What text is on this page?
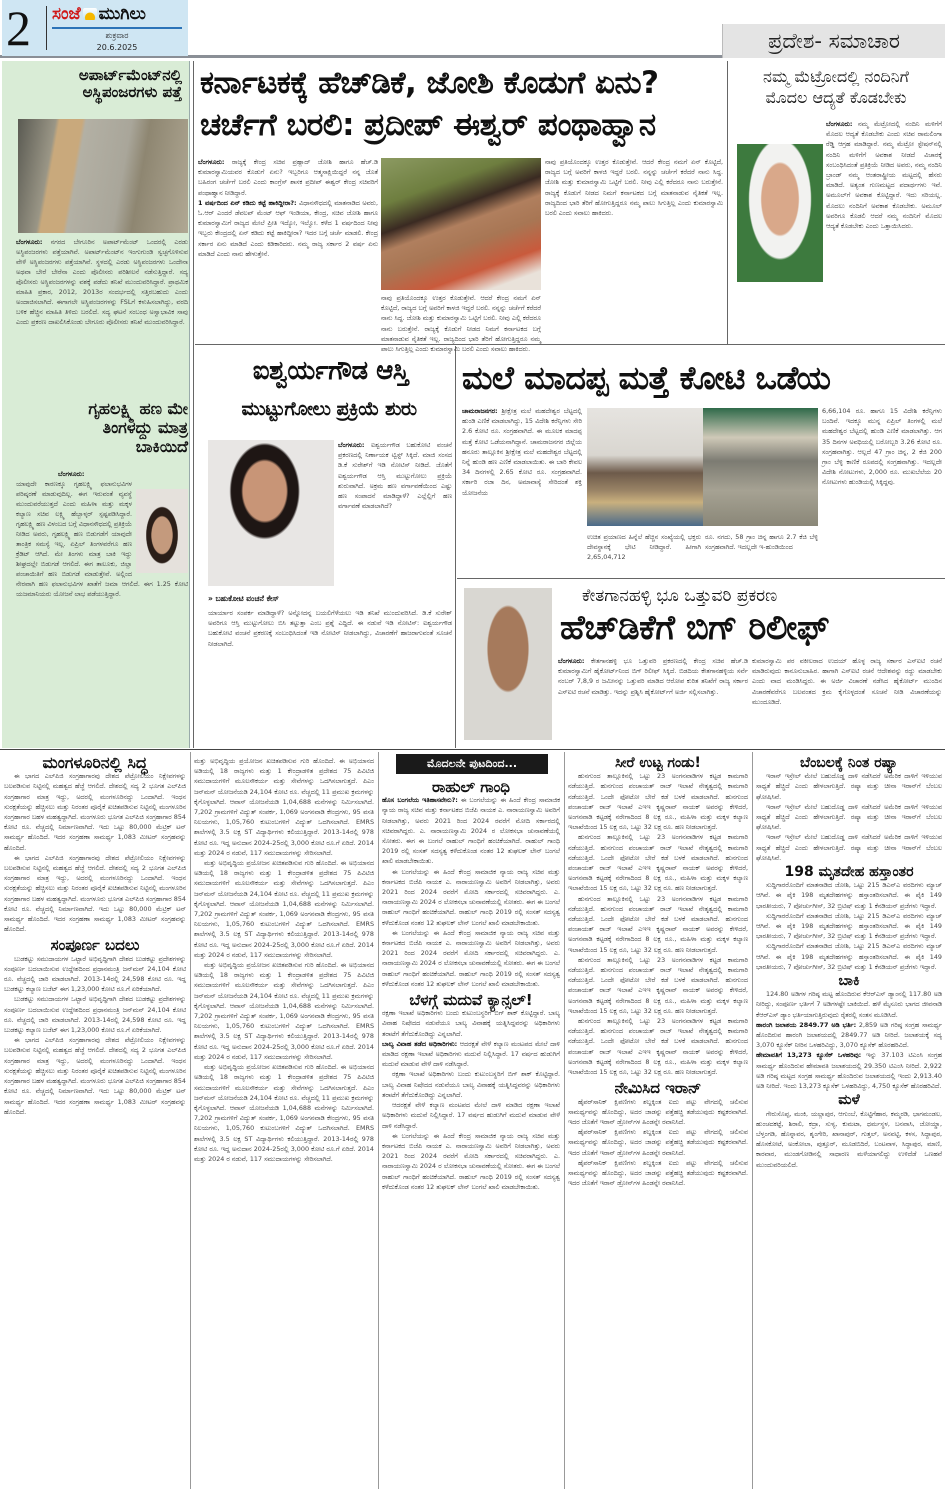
2 ಸಂಜೆ ಮುಗಿಲು
ಶುಕ್ರವಾರ
20.6.2025	ಪ್ರದೇಶ- ಸಮಾಚಾರ
ಅಪಾರ್ಟ್‌ಮೆಂಟ್‌ನಲ್ಲಿ
ಅಸ್ಥಿಪಂಜರಗಳು ಪತ್ತೆ
ಬೆಂಗಳೂರು: ನಗರದ ಬೇಗೂರಿನ ಅಪಾರ್ಟ್‌ಮೆಂಟ್ ಒಂದರಲ್ಲಿ ಎರಡು ಅಸ್ಥಿಪಂಜರಗಳು ಪತ್ತೆಯಾಗಿವೆ. ಅಪಾರ್ಟ್‌ಮೆಂಟ್‌ನ ಇಂಗುಗುಂಡಿ ಸ್ವಚ್ಛಗೊಳಿಸುವ ವೇಳೆ ಅಸ್ಥಿಪಂಜರಗಳು ಪತ್ತೆಯಾಗಿವೆ. ಸ್ಥಳದಲ್ಲಿ ಎರಡು ಅಸ್ಥಿಪಂಜರಗಳು ಒಂದೇನಾ ಅಥವಾ ಬೇರೆ ಬೇರೆನಾ ಎಂದು ಪೊಲೀಸರು ಪರಿಶೀಲನೆ ನಡೆಸುತ್ತಿದ್ದಾರೆ. ಸದ್ಯ ಪೊಲೀಸರು ಅಸ್ಥಿಪಂಜರಗಳನ್ನು ವಶಕ್ಕೆ ಪಡೆದು ತನಿಖೆ ಮುಂದುವರಿಸಿದ್ದಾರೆ. ಪ್ರಾಥಮಿಕ ಮಾಹಿತಿ ಪ್ರಕಾರ, 2012, 2013ರ ಸಂದರ್ಭದಲ್ಲಿ ಸತ್ತಿರಬಹುದು ಎಂದು ಅಂದಾಜಿಸಲಾಗಿದೆ. ಈಗಾಗಲೇ ಅಸ್ಥಿಪಂಜರಗಳನ್ನು FSLಗೆ ಕಳುಹಿಸಲಾಗಿದ್ದು, ವರದಿ ಬಳಿಕ ಹೆಚ್ಚಿನ ಮಾಹಿತಿ ತಿಳಿದು ಬರಲಿದೆ. ಸದ್ಯ ಘಟನೆ ಸಂಬಂಧ ಅಸ್ವಾಭಾವಿಕ ಸಾವು ಎಂದು ಪ್ರಕರಣ ದಾಖಲಿಸಿಕೊಂಡು ಬೇಗೂರು ಪೊಲೀಸರು ತನಿಖೆ ಮುಂದುವರಿಸಿದ್ದಾರೆ.
ಗೃಹಲಕ್ಷ್ಮಿ ಹಣ ಮೇ
ತಿಂಗಳದ್ದು ಮಾತ್ರ
ಬಾಕಿಯಿದೆ
ಬೆಂಗಳೂರು:
ಯಾವುದೇ ಕಾರಣಕ್ಕೂ ಗೃಹಲಕ್ಷ್ಮಿ ಫಲಾನುಭವಿಗಳ ಪರಿಷ್ಕರಣೆ ಮಾಡುವುದಿಲ್ಲ. ಈಗ ಇರುವಂತೆ ವ್ಯವಸ್ಥೆ ಮುಂದುವರೆಯುತ್ತದೆ ಎಂದು ಮಹಿಳಾ ಮತ್ತು ಮಕ್ಕಳ ಕಲ್ಯಾಣ ಸಚಿವ ಲಕ್ಷ್ಮಿ ಹೆಬ್ಬಾಳ್ಕರ್ ಸ್ಪಷ್ಟಪಡಿಸಿದ್ದಾರೆ. ಗೃಹಲಕ್ಷ್ಮಿ ಹಣ ವಿಳಂಬದ ಬಗ್ಗೆ ವಿಧಾನಸೌಧದಲ್ಲಿ ಪ್ರತಿಕ್ರಿಯೆ ನೀಡಿದ ಅವರು, ಗೃಹಲಕ್ಷ್ಮಿ ಹಣ ಬಿಡುಗಡೆಗೆ ಯಾವುದೇ ತಾಂತ್ರಿಕ ಸಮಸ್ಯೆ ಇಲ್ಲ. ಏಪ್ರಿಲ್ ತಿಂಗಳವರೆಗೂ ಹಣ ಕ್ರೆಡಿಟ್ ಆಗಿದೆ. ಮೇ ತಿಂಗಳು ಮಾತ್ರ ಬಾಕಿ ಇದ್ದು ಶೀಘ್ರದಲ್ಲೇ ಬಿಡುಗಡೆ ಆಗಲಿದೆ. ಈಗ ತಾಲೂಕು, ಜಿಲ್ಲಾ ಪಂಚಾಯಿತಿಗೆ ಹಣ ಬಿಡುಗಡೆ ಮಾಡುತ್ತೇವೆ. ಅಲ್ಲಿಂದ ನೇರವಾಗಿ ಹಣ ಫಲಾನುಭವಿಗಳ ಖಾತೆಗೆ ಜಮಾ ಆಗಲಿದೆ. ಈಗ 1.25 ಕೋಟಿ ಯಜಮಾನಿಯರು ಯೋಜನೆ ಲಾಭ ಪಡೆಯುತ್ತಿದ್ದಾರೆ.
ಕರ್ನಾಟಕಕ್ಕೆ ಹೆಚ್‌ಡಿಕೆ, ಜೋಶಿ ಕೊಡುಗೆ ಏನು?
ಚರ್ಚೆಗೆ ಬರಲಿ: ಪ್ರದೀಪ್ ಈಶ್ವರ್ ಪಂಥಾಹ್ವಾನ

ಬೆಂಗಳೂರು: ರಾಜ್ಯಕ್ಕೆ ಕೇಂದ್ರ ಸಚಿವ ಪ್ರಹ್ಲಾದ್ ಜೋಶಿ ಹಾಗೂ ಹೆಚ್.ಡಿ ಕುಮಾರಸ್ವಾಮಿಯವರ ಕೊಡುಗೆ ಏನು? ಇಬ್ಬರಿಗೂ ಆತ್ಮಸಾಕ್ಷಿಯಿದ್ದರೆ ನನ್ನ ಜೊತೆ ಬಹಿರಂಗ ಚರ್ಚೆಗೆ ಬರಲಿ ಎಂದು ಕಾಂಗ್ರೆಸ್ ಶಾಸಕ ಪ್ರದೀಪ್ ಈಶ್ವರ್ ಕೇಂದ್ರ ಸಚಿವರಿಗೆ ಪಂಥಾಹ್ವಾನ ನೀಡಿದ್ದಾರೆ.

1 ವರ್ಷದಿಂದ ಏನ್ ಕಡಿದು ಕಟ್ಟೆ ಹಾಕಿದ್ದೀರಾ?: ವಿಧಾನಸೌಧದಲ್ಲಿ ಮಾತನಾಡಿದ ಅವರು, ಓ.ಆರ್ ಎಂದರೆ ಡೆವಲಪ್ ಮೆಂಟ್ ಆಫ್ ಇಂಡಿಯಾ, ಕೇಂದ್ರ, ಸಚಿವ ಜೋಶಿ ಹಾಗೂ ಕುಮಾರಸ್ವಾಮಿಗೆ ರಾಜ್ಯದ ಮೇಲೆ ಪ್ರೀತಿ ಇದ್ಯೋ, ಇಲ್ವೋ. ಕಳೆದ 1 ವರ್ಷದಿಂದ ನೀವು ಇಬ್ಬರು ಕೇಂದ್ರದಲ್ಲಿ ಏನ್ ಕಡಿದು ಕಟ್ಟೆ ಹಾಕಿದ್ದೀರಾ? ಇದರ ಬಗ್ಗೆ ಚರ್ಚೆ ಮಾಡಲಿ. ಕೇಂದ್ರ ಸರ್ಕಾರ ಏನು ಮಾಡಿದೆ ಎಂದು ಕಿಡಿಕಾರಿದರು. ನಮ್ಮ ರಾಜ್ಯ ಸರ್ಕಾರ 2 ವರ್ಷ ಏನು ಮಾಡಿದೆ ಎಂದು ನಾನು ಹೇಳುತ್ತೇನೆ.

ನಾವು ಪ್ರತಿಯೊಂದಕ್ಕೂ ಉತ್ತರ ಕೊಡುತ್ತೇವೆ. ಆದರೆ ಕೇಂದ್ರ ನಮಗೆ ಏನ್ ಕೊಟ್ಟಿದೆ, ರಾಜ್ಯದ ಬಗ್ಗೆ ಅವರಿಗೆ ಕಾಳಜಿ ಇದ್ದರೆ ಬರಲಿ. ನನ್ನನ್ನು ಚರ್ಚೆಗೆ ಕರೆದರೆ ನಾನು ಸಿದ್ಧ. ಜೋಶಿ ಮತ್ತು ಕುಮಾರಸ್ವಾಮಿ ಒಟ್ಟಿಗೆ ಬರಲಿ. ನೀವು ಎಲ್ಲಿ ಕರೆದರೂ ನಾನು ಬರುತ್ತೇನೆ. ರಾಜ್ಯಕ್ಕೆ ಕೊಡುಗೆ ನೀಡದ ನಿಮಗೆ ಕರ್ನಾಟಕದ ಬಗ್ಗೆ ಮಾತನಾಡುವ ನೈತಿಕತೆ ಇಲ್ಲ. ರಾಜ್ಯದಿಂದ ಭಾರಿ ತೆರಿಗೆ ಹೋಗುತ್ತಿದ್ದರೂ ನಮ್ಮ ಪಾಲು ಸಿಗುತ್ತಿಲ್ಲ ಎಂದು ಕುಮಾರಸ್ವಾಮಿ ಬರಲಿ ಎಂದು ಸವಾಲು ಹಾಕಿದರು.

ನಾವು ಪ್ರತಿಯೊಂದಕ್ಕೂ ಉತ್ತರ ಕೊಡುತ್ತೇವೆ. ಆದರೆ ಕೇಂದ್ರ ನಮಗೆ ಏನ್ ಕೊಟ್ಟಿದೆ, ರಾಜ್ಯದ ಬಗ್ಗೆ ಅವರಿಗೆ ಕಾಳಜಿ ಇದ್ದರೆ ಬರಲಿ. ನನ್ನನ್ನು ಚರ್ಚೆಗೆ ಕರೆದರೆ ನಾನು ಸಿದ್ಧ. ಜೋಶಿ ಮತ್ತು ಕುಮಾರಸ್ವಾಮಿ ಒಟ್ಟಿಗೆ ಬರಲಿ. ನೀವು ಎಲ್ಲಿ ಕರೆದರೂ ನಾನು ಬರುತ್ತೇನೆ. ರಾಜ್ಯಕ್ಕೆ ಕೊಡುಗೆ ನೀಡದ ನಿಮಗೆ ಕರ್ನಾಟಕದ ಬಗ್ಗೆ ಮಾತನಾಡುವ ನೈತಿಕತೆ ಇಲ್ಲ. ರಾಜ್ಯದಿಂದ ಭಾರಿ ತೆರಿಗೆ ಹೋಗುತ್ತಿದ್ದರೂ ನಮ್ಮ ಪಾಲು ಸಿಗುತ್ತಿಲ್ಲ ಎಂದು ಕುಮಾರಸ್ವಾಮಿ ಬರಲಿ ಎಂದು ಸವಾಲು ಹಾಕಿದರು.

ನಮ್ಮ ಮೆಟ್ರೋದಲ್ಲಿ ನಂದಿನಿಗೆ
ಮೊದಲ ಆದ್ಯತೆ ಕೊಡಬೇಕು

ಬೆಂಗಳೂರು: ನಮ್ಮ ಮೆಟ್ರೋದಲ್ಲಿ ನಂದಿನಿ ಮಳಿಗೆಗೆ ಮೊದಲ ಆದ್ಯತೆ ಕೊಡಬೇಕು ಎಂದು ಸಚಿವ ರಾಮಲಿಂಗಾ ರೆಡ್ಡಿ ಆಗ್ರಹ ಮಾಡಿದ್ದಾರೆ. ನಮ್ಮ ಮೆಟ್ರೋ ಸ್ಟೇಷನ್‌ನಲ್ಲಿ ನಂದಿನಿ ಮಳಿಗೆಗೆ ಅವಕಾಶ ನೀಡದೆ ವಿಚಾರಕ್ಕೆ ಸಂಬಂಧಿಸಿದಂತೆ ಪ್ರತಿಕ್ರಿಯೆ ನೀಡಿದ ಅವರು, ನಮ್ಮ ನಂದಿನಿ ಬ್ರಾಂಡ್ ನಮ್ಮ ಆಂತರಾಷ್ಟ್ರೀಯ ಮಟ್ಟದಲ್ಲಿ ಹೆಸರು ಮಾಡಿದೆ. ಅತ್ಯಂತ ಗುಣಮಟ್ಟದ ಪದಾರ್ಥಗಳು ಇವೆ. ಅಮೂಲ್‌ಗೆ ಅವಕಾಶ ಕೊಟ್ಟಿದ್ದಾರೆ. ಇದು ಸರಿಯಲ್ಲ. ಮೊದಲು ನಂದಿನಿಗೆ ಅವಕಾಶ ಕೊಡಬೇಕು. ಅಮೂಲ್ ಅವರಿಗೂ ಕೊಡಲಿ ಆದರೆ ನಮ್ಮ ನಂದಿನಿಗೆ ಮೊದಲ ಆದ್ಯತೆ ಕೊಡಬೇಕು ಎಂದು ಒತ್ತಾಯಿಸಿದರು.

ಐಶ್ವರ್ಯಗೌಡ ಆಸ್ತಿ
ಮುಟ್ಟುಗೋಲು ಪ್ರಕ್ರಿಯೆ ಶುರು
» ಬಹುಕೋಟಿ ವಂಚನೆ ಕೇಸ್

ಬೆಂಗಳೂರು: ಐಶ್ವರ್ಯಗೌಡ ಬಹುಕೋಟಿ ವಂಚನೆ ಪ್ರಕರಣದಲ್ಲಿ ನಿರ್ಣಾಯಕ ಟ್ವಿಸ್ಟ್ ಸಿಕ್ಕಿದೆ. ಮಾಜಿ ಸಂಸದ ಡಿ.ಕೆ ಸುರೇಶ್‌ಗೆ ಇಡಿ ನೋಟಿಸ್ ನೀಡಿದೆ. ಜೊತೆಗೆ ಐಶ್ವರ್ಯಗೌಡ ಆಸ್ತಿ ಮುಟ್ಟುಗೋಲು ಪ್ರಕ್ರಿಯೆ ಶುರುವಾಗಿದೆ. ಅಕ್ರಮ ಹಣ ವರ್ಗಾವಣೆಯಿಂದ ಎಷ್ಟು ಹಣ ಸಂಪಾದನೆ ಮಾಡಿದ್ದಾಳೆ? ಎಲ್ಲೆಲ್ಲಿಗೆ ಹಣ ವರ್ಗಾವಣೆ ಮಾಡಲಾಗಿದೆ?

ಯಾರ್ಯಾರ ಸಂಪರ್ಕ ಮಾಡಿದ್ದಾಳೆ? ಅನ್ನೋದನ್ನ ಬಯಲಿಗೆಳೆಯಲು ಇಡಿ ತನಿಖೆ ಮುಂದುವರಿಸಿದೆ. ಡಿ.ಕೆ ಸುರೇಶ್ ಅವರಿಗೂ ಆಸ್ತಿ ಮುಟ್ಟುಗೋಲು ಬಿಸಿ ತಟ್ಟುತ್ತಾ ಎಂಬ ಪ್ರಶ್ನೆ ಎದ್ದಿದೆ. ಈ ನಡುವೆ ಇಡಿ ನೋಟಿಸ್: ಐಶ್ವರ್ಯಗೌಡ ಬಹುಕೋಟಿ ವಂಚನೆ ಪ್ರಕರಣಕ್ಕೆ ಸಂಬಂಧಿಸಿದಂತೆ ಇಡಿ ನೋಟಿಸ್ ನೀಡಲಾಗಿದ್ದು, ವಿಚಾರಣೆಗೆ ಹಾಜರಾಗುವಂತೆ ಸೂಚನೆ ನೀಡಲಾಗಿದೆ.

ಮಲೆ ಮಾದಪ್ಪ ಮತ್ತೆ ಕೋಟಿ ಒಡೆಯ

ಚಾಮರಾಜನಗರ: ಶ್ರೀಕ್ಷೇತ್ರ ಮಲೆ ಮಹದೇಶ್ವರ ಬೆಟ್ಟದಲ್ಲಿ ಹುಂಡಿ ಎಣಿಕೆ ಮಾಡಲಾಗಿದ್ದು, 15 ವಿದೇಶಿ ಕರೆನ್ಸಿಗಳು ಸೇರಿ 2.6 ಕೋಟಿ ರೂ. ಸಂಗ್ರಹವಾಗಿದೆ. ಈ ಮೂಲಕ ಮಾದಪ್ಪ ಮತ್ತೆ ಕೋಟಿ ಒಡೆಯನಾಗಿದ್ದಾನೆ. ಚಾಮರಾಜನಗರ ಜಿಲ್ಲೆಯ ಹನೂರು ತಾಲ್ಲೂಕಿನ ಶ್ರೀಕ್ಷೇತ್ರ ಮಲೆ ಮಹದೇಶ್ವರ ಬೆಟ್ಟದಲ್ಲಿ ನಿನ್ನೆ ಹುಂಡಿ ಹಣ ಎಣಿಕೆ ಮಾಡಲಾಯಿತು. ಈ ಬಾರಿ ಕೇವಲ 34 ದಿನಗಳಲ್ಲಿ 2.65 ಕೋಟಿ ರೂ. ಸಂಗ್ರಹವಾಗಿದೆ. ಸರ್ಕಾರಿ ರಜಾ ದಿನ, ಅಮಾವಾಸ್ಯೆ ಸೇರಿದಂತೆ ಶಕ್ತಿ ಯೋಜನೆಯ

ಉಚಿತ ಪ್ರಯಾಣದ ಹಿನ್ನೆಲೆ ಹೆಚ್ಚಿನ ಸಂಖ್ಯೆಯಲ್ಲಿ ಭಕ್ತರು ದೇವಸ್ಥಾನಕ್ಕೆ ಭೇಟಿ ನೀಡಿದ್ದಾರೆ. ಹೀಗಾಗಿ 2,65,04,712

ರೂ. ನಗದು, 58 ಗ್ರಾಂ ಚಿನ್ನ ಹಾಗೂ 2.7 ಕೆಜಿ ಬೆಳ್ಳಿ ಸಂಗ್ರಹವಾಗಿದೆ. ಇದಲ್ಲದೇ ಇ-ಹುಂಡಿಯಿಂದ

6,66,104 ರೂ. ಹಾಗೂ 15 ವಿದೇಶಿ ಕರೆನ್ಸಿಗಳು ಬಂದಿವೆ. ಇದಕ್ಕೂ ಮುನ್ನ ಏಪ್ರಿಲ್ ತಿಂಗಳಲ್ಲಿ ಮಲೆ ಮಹದೇಶ್ವರ ಬೆಟ್ಟದಲ್ಲಿ ಹುಂಡಿ ಎಣಿಕೆ ಮಾಡಲಾಗಿತ್ತು. ಆಗ 35 ದಿನಗಳ ಅವಧಿಯಲ್ಲಿ ಬರೋಬ್ಬರಿ 3.26 ಕೋಟಿ ರೂ. ಸಂಗ್ರಹವಾಗಿತ್ತು. ಆಲ್ಲದೆ 47 ಗ್ರಾಂ ಚಿನ್ನ, 2 ಕೆಜಿ 200 ಗ್ರಾಂ ಬೆಳ್ಳಿ ಕಾಣಿಕೆ ರೂಪದಲ್ಲಿ ಸಂಗ್ರಹವಾಗಿತ್ತು. ಇದಲ್ಲದೇ ವಿದೇಶಿ ನೋಟುಗಳು, 2,000 ರೂ. ಮುಖಬೆಲೆಯ 20 ನೋಟುಗಳು ಹುಂಡಿಯಲ್ಲಿ ಸಿಕ್ಕಿದ್ದವು.

ಕೇತಗಾನಹಳ್ಳಿ ಭೂ ಒತ್ತುವರಿ ಪ್ರಕರಣ
ಹೆಚ್‌ಡಿಕೆಗೆ ಬಿಗ್ ರಿಲೀಫ್

ಬೆಂಗಳೂರು: ಕೇತಗಾನಹಳ್ಳಿ ಭೂ ಒತ್ತುವರಿ ಪ್ರಕರಣದಲ್ಲಿ ಕೇಂದ್ರ ಸಚಿವ ಹೆಚ್.ಡಿ ಕುಮಾರಸ್ವಾಮಿಗೆ ಹೈಕೋರ್ಟ್‌ನಿಂದ ಬಿಗ್ ರಿಲೀಫ್ ಸಿಕ್ಕಿದೆ. ಬಿಡದಿಯ ಕೇತಗಾನಹಳ್ಳಿಯ ಸರ್ವೆ ನಂಬರ್ 7,8,9 ರ ಜಮೀನನ್ನು ಒತ್ತುವರಿ ಮಾಡಿದ ಆರೋಪ ಕುರಿತ ತನಿಖೆಗೆ ರಾಜ್ಯ ಸರ್ಕಾರ ಎಸ್‌ಐಟಿ ರಚನೆ ಮಾಡಿತ್ತು. ಇದನ್ನು ಪ್ರಶ್ನಿಸಿ ಹೈಕೋರ್ಟ್‌ಗೆ ಅರ್ಜಿ ಸಲ್ಲಿಸಲಾಗಿತ್ತು.

ಕುಮಾರಸ್ವಾಮಿ ಪರ ವಕೀಲರಾದ ಉದಯ್ ಹೊಳ್ಳ ರಾಜ್ಯ ಸರ್ಕಾರ ಎಸ್‌ಐಟಿ ರಚನೆ ಮಾಡಿರುವುದು ಕಾನೂನುಬಾಹಿರ. ಹಾಗಾಗಿ ಎಸ್‌ಐಟಿ ರಚನೆ ಆದೇಶವನ್ನು ರದ್ದು ಮಾಡಬೇಕು ಎಂದು ವಾದ ಮಂಡಿಸಿದ್ದರು. ಈ ಅರ್ಜಿ ವಿಚಾರಣೆ ನಡೆಸಿದ ಹೈಕೋರ್ಟ್ ಮುಂದಿನ ವಿಚಾರಣೆವರೆಗೂ ಬಲವಂತದ ಕ್ರಮ ಕೈಗೊಳ್ಳದಂತೆ ಸೂಚನೆ ನೀಡಿ ವಿಚಾರಣೆಯನ್ನು ಮುಂದೂಡಿದೆ.

ಮಂಗಳೂರಿನಲ್ಲಿ ಸಿದ್ಧ

ಈ ಭಾಗದ ಎಲ್‌ಪಿಜಿ ಸಂಗ್ರಹಾಗಾರವು ದೇಶದ ಪೆಟ್ರೋಲಿಯಂ ನಿಕ್ಷೇಪಗಳನ್ನು ಬಲಪಡಿಸುವ ನಿಟ್ಟಿನಲ್ಲಿ ಮಹತ್ವದ ಹೆಜ್ಜೆ ಆಗಲಿದೆ. ದೇಶದಲ್ಲಿ ಸದ್ಯ 2 ಭೂಗತ ಎಲ್‌ಪಿಜಿ ಸಂಗ್ರಹಾಗಾರ ಮಾತ್ರ ಇದ್ದು, ಅದರಲ್ಲಿ ಮಂಗಳೂರಿನದ್ದು ಒಂದಾಗಿದೆ. ಇಂಧನ ಸುರಕ್ಷತೆಯನ್ನು ಹೆಚ್ಚಿಸಲು ಮತ್ತು ನಿರಂತರ ಪೂರೈಕೆ ಖಚಿತಪಡಿಸುವ ನಿಟ್ಟಿನಲ್ಲಿ ಮಂಗಳೂರಿನ ಸಂಗ್ರಹಾಗಾರ ಬಹಳ ಮಹತ್ವದ್ದಾಗಿದೆ. ಮಂಗಳೂರು ಭೂಗತ ಎಲ್‌ಪಿಜಿ ಸಂಗ್ರಹಾಗಾರ 854 ಕೋಟಿ ರೂ. ವೆಚ್ಚದಲ್ಲಿ ನಿರ್ಮಾಣವಾಗಿದೆ. ಇದು ಒಟ್ಟು 80,000 ಮೆಟ್ರಿಕ್ ಟನ್ ಸಾಮರ್ಥ್ಯ ಹೊಂದಿದೆ. ಇದರ ಸಂಗ್ರಹಣಾ ಸಾಮರ್ಥ್ಯ 1,083 ಮೀಟರ್ ಸಂಗ್ರಹವನ್ನು ಹೊಂದಿದೆ.

ಈ ಭಾಗದ ಎಲ್‌ಪಿಜಿ ಸಂಗ್ರಹಾಗಾರವು ದೇಶದ ಪೆಟ್ರೋಲಿಯಂ ನಿಕ್ಷೇಪಗಳನ್ನು ಬಲಪಡಿಸುವ ನಿಟ್ಟಿನಲ್ಲಿ ಮಹತ್ವದ ಹೆಜ್ಜೆ ಆಗಲಿದೆ. ದೇಶದಲ್ಲಿ ಸದ್ಯ 2 ಭೂಗತ ಎಲ್‌ಪಿಜಿ ಸಂಗ್ರಹಾಗಾರ ಮಾತ್ರ ಇದ್ದು, ಅದರಲ್ಲಿ ಮಂಗಳೂರಿನದ್ದು ಒಂದಾಗಿದೆ. ಇಂಧನ ಸುರಕ್ಷತೆಯನ್ನು ಹೆಚ್ಚಿಸಲು ಮತ್ತು ನಿರಂತರ ಪೂರೈಕೆ ಖಚಿತಪಡಿಸುವ ನಿಟ್ಟಿನಲ್ಲಿ ಮಂಗಳೂರಿನ ಸಂಗ್ರಹಾಗಾರ ಬಹಳ ಮಹತ್ವದ್ದಾಗಿದೆ. ಮಂಗಳೂರು ಭೂಗತ ಎಲ್‌ಪಿಜಿ ಸಂಗ್ರಹಾಗಾರ 854 ಕೋಟಿ ರೂ. ವೆಚ್ಚದಲ್ಲಿ ನಿರ್ಮಾಣವಾಗಿದೆ. ಇದು ಒಟ್ಟು 80,000 ಮೆಟ್ರಿಕ್ ಟನ್ ಸಾಮರ್ಥ್ಯ ಹೊಂದಿದೆ. ಇದರ ಸಂಗ್ರಹಣಾ ಸಾಮರ್ಥ್ಯ 1,083 ಮೀಟರ್ ಸಂಗ್ರಹವನ್ನು ಹೊಂದಿದೆ.

ಸಂಪೂರ್ಣ ಬದಲು

ಬುಡಕಟ್ಟು ಸಮುದಾಯಗಳ ಒಟ್ಟಾರೆ ಅಭಿವೃದ್ಧಿಗಾಗಿ ದೇಶದ ಬುಡಕಟ್ಟು ಪ್ರದೇಶಗಳನ್ನು ಸಂಪೂರ್ಣ ಬದಲಾಯಿಸುವ ಉದ್ದೇಶದಿಂದ ಪ್ರಧಾನಮಂತ್ರಿ ಜನ್‌ಮನ್ 24,104 ಕೋಟಿ ರೂ. ವೆಚ್ಚದಲ್ಲಿ ಜಾರಿ ಮಾಡಲಾಗಿದೆ. 2013-14ರಲ್ಲಿ 24,598 ಕೋಟಿ ರೂ. ಇದ್ದ ಬುಡಕಟ್ಟು ಕಲ್ಯಾಣ ಬಜೆಟ್ ಈಗ 1,23,000 ಕೋಟಿ ರೂ.ಗೆ ಏರಿಕೆಯಾಗಿದೆ.

ಬುಡಕಟ್ಟು ಸಮುದಾಯಗಳ ಒಟ್ಟಾರೆ ಅಭಿವೃದ್ಧಿಗಾಗಿ ದೇಶದ ಬುಡಕಟ್ಟು ಪ್ರದೇಶಗಳನ್ನು ಸಂಪೂರ್ಣ ಬದಲಾಯಿಸುವ ಉದ್ದೇಶದಿಂದ ಪ್ರಧಾನಮಂತ್ರಿ ಜನ್‌ಮನ್ 24,104 ಕೋಟಿ ರೂ. ವೆಚ್ಚದಲ್ಲಿ ಜಾರಿ ಮಾಡಲಾಗಿದೆ. 2013-14ರಲ್ಲಿ 24,598 ಕೋಟಿ ರೂ. ಇದ್ದ ಬುಡಕಟ್ಟು ಕಲ್ಯಾಣ ಬಜೆಟ್ ಈಗ 1,23,000 ಕೋಟಿ ರೂ.ಗೆ ಏರಿಕೆಯಾಗಿದೆ.

ಈ ಭಾಗದ ಎಲ್‌ಪಿಜಿ ಸಂಗ್ರಹಾಗಾರವು ದೇಶದ ಪೆಟ್ರೋಲಿಯಂ ನಿಕ್ಷೇಪಗಳನ್ನು ಬಲಪಡಿಸುವ ನಿಟ್ಟಿನಲ್ಲಿ ಮಹತ್ವದ ಹೆಜ್ಜೆ ಆಗಲಿದೆ. ದೇಶದಲ್ಲಿ ಸದ್ಯ 2 ಭೂಗತ ಎಲ್‌ಪಿಜಿ ಸಂಗ್ರಹಾಗಾರ ಮಾತ್ರ ಇದ್ದು, ಅದರಲ್ಲಿ ಮಂಗಳೂರಿನದ್ದು ಒಂದಾಗಿದೆ. ಇಂಧನ ಸುರಕ್ಷತೆಯನ್ನು ಹೆಚ್ಚಿಸಲು ಮತ್ತು ನಿರಂತರ ಪೂರೈಕೆ ಖಚಿತಪಡಿಸುವ ನಿಟ್ಟಿನಲ್ಲಿ ಮಂಗಳೂರಿನ ಸಂಗ್ರಹಾಗಾರ ಬಹಳ ಮಹತ್ವದ್ದಾಗಿದೆ. ಮಂಗಳೂರು ಭೂಗತ ಎಲ್‌ಪಿಜಿ ಸಂಗ್ರಹಾಗಾರ 854 ಕೋಟಿ ರೂ. ವೆಚ್ಚದಲ್ಲಿ ನಿರ್ಮಾಣವಾಗಿದೆ. ಇದು ಒಟ್ಟು 80,000 ಮೆಟ್ರಿಕ್ ಟನ್ ಸಾಮರ್ಥ್ಯ ಹೊಂದಿದೆ. ಇದರ ಸಂಗ್ರಹಣಾ ಸಾಮರ್ಥ್ಯ 1,083 ಮೀಟರ್ ಸಂಗ್ರಹವನ್ನು ಹೊಂದಿದೆ.

ಮತ್ತು ಅಭಿವೃದ್ಧಿಯ ಪ್ರಯೋಜನ ಖಚಿತಪಡಿಸುವ ಗುರಿ ಹೊಂದಿದೆ. ಈ ಅಭಿಯಾನದ ಅಡಿಯಲ್ಲಿ 18 ರಾಜ್ಯಗಳು ಮತ್ತು 1 ಕೇಂದ್ರಾಡಳಿತ ಪ್ರದೇಶದ 75 ಪಿವಿಟಿಜಿ ಸಮುದಾಯಗಳಿಗೆ ಮೂಲಸೌಕರ್ಯ ಮತ್ತು ಸೇವೆಗಳನ್ನು ಒದಗಿಸಲಾಗುತ್ತದೆ. ಪಿಎಂ ಜನ್‌ಮನ್ ಯೋಜನೆಯಡಿ 24,104 ಕೋಟಿ ರೂ. ವೆಚ್ಚದಲ್ಲಿ 11 ಪ್ರಮುಖ ಕ್ರಮಗಳನ್ನು ಕೈಗೊಳ್ಳಲಾಗಿದೆ. ಆವಾಸ್ ಯೋಜನೆಯಡಿ 1,04,688 ಮನೆಗಳನ್ನು ನಿರ್ಮಿಸಲಾಗಿದೆ. 7,202 ಗ್ರಾಮಗಳಿಗೆ ವಿದ್ಯುತ್ ಸಂಪರ್ಕ, 1,069 ಅಂಗನವಾಡಿ ಕೇಂದ್ರಗಳು, 95 ವಸತಿ ನಿಲಯಗಳು, 1,05,760 ಕುಟುಂಬಗಳಿಗೆ ವಿದ್ಯುತ್ ಒದಗಿಸಲಾಗಿದೆ. EMRS ಶಾಲೆಗಳಲ್ಲಿ 3.5 ಲಕ್ಷ ST ವಿದ್ಯಾರ್ಥಿಗಳು ಕಲಿಯುತ್ತಿದ್ದಾರೆ. 2013-14ರಲ್ಲಿ 978 ಕೋಟಿ ರೂ. ಇದ್ದ ಅನುದಾನ 2024-25ರಲ್ಲಿ 3,000 ಕೋಟಿ ರೂ.ಗೆ ಏರಿದೆ. 2014 ಮತ್ತು 2024 ರ ನಡುವೆ, 117 ಸಮುದಾಯಗಳನ್ನು ಸೇರಿಸಲಾಗಿದೆ.

ಮತ್ತು ಅಭಿವೃದ್ಧಿಯ ಪ್ರಯೋಜನ ಖಚಿತಪಡಿಸುವ ಗುರಿ ಹೊಂದಿದೆ. ಈ ಅಭಿಯಾನದ ಅಡಿಯಲ್ಲಿ 18 ರಾಜ್ಯಗಳು ಮತ್ತು 1 ಕೇಂದ್ರಾಡಳಿತ ಪ್ರದೇಶದ 75 ಪಿವಿಟಿಜಿ ಸಮುದಾಯಗಳಿಗೆ ಮೂಲಸೌಕರ್ಯ ಮತ್ತು ಸೇವೆಗಳನ್ನು ಒದಗಿಸಲಾಗುತ್ತದೆ. ಪಿಎಂ ಜನ್‌ಮನ್ ಯೋಜನೆಯಡಿ 24,104 ಕೋಟಿ ರೂ. ವೆಚ್ಚದಲ್ಲಿ 11 ಪ್ರಮುಖ ಕ್ರಮಗಳನ್ನು ಕೈಗೊಳ್ಳಲಾಗಿದೆ. ಆವಾಸ್ ಯೋಜನೆಯಡಿ 1,04,688 ಮನೆಗಳನ್ನು ನಿರ್ಮಿಸಲಾಗಿದೆ. 7,202 ಗ್ರಾಮಗಳಿಗೆ ವಿದ್ಯುತ್ ಸಂಪರ್ಕ, 1,069 ಅಂಗನವಾಡಿ ಕೇಂದ್ರಗಳು, 95 ವಸತಿ ನಿಲಯಗಳು, 1,05,760 ಕುಟುಂಬಗಳಿಗೆ ವಿದ್ಯುತ್ ಒದಗಿಸಲಾಗಿದೆ. EMRS ಶಾಲೆಗಳಲ್ಲಿ 3.5 ಲಕ್ಷ ST ವಿದ್ಯಾರ್ಥಿಗಳು ಕಲಿಯುತ್ತಿದ್ದಾರೆ. 2013-14ರಲ್ಲಿ 978 ಕೋಟಿ ರೂ. ಇದ್ದ ಅನುದಾನ 2024-25ರಲ್ಲಿ 3,000 ಕೋಟಿ ರೂ.ಗೆ ಏರಿದೆ. 2014 ಮತ್ತು 2024 ರ ನಡುವೆ, 117 ಸಮುದಾಯಗಳನ್ನು ಸೇರಿಸಲಾಗಿದೆ.

ಮತ್ತು ಅಭಿವೃದ್ಧಿಯ ಪ್ರಯೋಜನ ಖಚಿತಪಡಿಸುವ ಗುರಿ ಹೊಂದಿದೆ. ಈ ಅಭಿಯಾನದ ಅಡಿಯಲ್ಲಿ 18 ರಾಜ್ಯಗಳು ಮತ್ತು 1 ಕೇಂದ್ರಾಡಳಿತ ಪ್ರದೇಶದ 75 ಪಿವಿಟಿಜಿ ಸಮುದಾಯಗಳಿಗೆ ಮೂಲಸೌಕರ್ಯ ಮತ್ತು ಸೇವೆಗಳನ್ನು ಒದಗಿಸಲಾಗುತ್ತದೆ. ಪಿಎಂ ಜನ್‌ಮನ್ ಯೋಜನೆಯಡಿ 24,104 ಕೋಟಿ ರೂ. ವೆಚ್ಚದಲ್ಲಿ 11 ಪ್ರಮುಖ ಕ್ರಮಗಳನ್ನು ಕೈಗೊಳ್ಳಲಾಗಿದೆ. ಆವಾಸ್ ಯೋಜನೆಯಡಿ 1,04,688 ಮನೆಗಳನ್ನು ನಿರ್ಮಿಸಲಾಗಿದೆ. 7,202 ಗ್ರಾಮಗಳಿಗೆ ವಿದ್ಯುತ್ ಸಂಪರ್ಕ, 1,069 ಅಂಗನವಾಡಿ ಕೇಂದ್ರಗಳು, 95 ವಸತಿ ನಿಲಯಗಳು, 1,05,760 ಕುಟುಂಬಗಳಿಗೆ ವಿದ್ಯುತ್ ಒದಗಿಸಲಾಗಿದೆ. EMRS ಶಾಲೆಗಳಲ್ಲಿ 3.5 ಲಕ್ಷ ST ವಿದ್ಯಾರ್ಥಿಗಳು ಕಲಿಯುತ್ತಿದ್ದಾರೆ. 2013-14ರಲ್ಲಿ 978 ಕೋಟಿ ರೂ. ಇದ್ದ ಅನುದಾನ 2024-25ರಲ್ಲಿ 3,000 ಕೋಟಿ ರೂ.ಗೆ ಏರಿದೆ. 2014 ಮತ್ತು 2024 ರ ನಡುವೆ, 117 ಸಮುದಾಯಗಳನ್ನು ಸೇರಿಸಲಾಗಿದೆ.

ಮತ್ತು ಅಭಿವೃದ್ಧಿಯ ಪ್ರಯೋಜನ ಖಚಿತಪಡಿಸುವ ಗುರಿ ಹೊಂದಿದೆ. ಈ ಅಭಿಯಾನದ ಅಡಿಯಲ್ಲಿ 18 ರಾಜ್ಯಗಳು ಮತ್ತು 1 ಕೇಂದ್ರಾಡಳಿತ ಪ್ರದೇಶದ 75 ಪಿವಿಟಿಜಿ ಸಮುದಾಯಗಳಿಗೆ ಮೂಲಸೌಕರ್ಯ ಮತ್ತು ಸೇವೆಗಳನ್ನು ಒದಗಿಸಲಾಗುತ್ತದೆ. ಪಿಎಂ ಜನ್‌ಮನ್ ಯೋಜನೆಯಡಿ 24,104 ಕೋಟಿ ರೂ. ವೆಚ್ಚದಲ್ಲಿ 11 ಪ್ರಮುಖ ಕ್ರಮಗಳನ್ನು ಕೈಗೊಳ್ಳಲಾಗಿದೆ. ಆವಾಸ್ ಯೋಜನೆಯಡಿ 1,04,688 ಮನೆಗಳನ್ನು ನಿರ್ಮಿಸಲಾಗಿದೆ. 7,202 ಗ್ರಾಮಗಳಿಗೆ ವಿದ್ಯುತ್ ಸಂಪರ್ಕ, 1,069 ಅಂಗನವಾಡಿ ಕೇಂದ್ರಗಳು, 95 ವಸತಿ ನಿಲಯಗಳು, 1,05,760 ಕುಟುಂಬಗಳಿಗೆ ವಿದ್ಯುತ್ ಒದಗಿಸಲಾಗಿದೆ. EMRS ಶಾಲೆಗಳಲ್ಲಿ 3.5 ಲಕ್ಷ ST ವಿದ್ಯಾರ್ಥಿಗಳು ಕಲಿಯುತ್ತಿದ್ದಾರೆ. 2013-14ರಲ್ಲಿ 978 ಕೋಟಿ ರೂ. ಇದ್ದ ಅನುದಾನ 2024-25ರಲ್ಲಿ 3,000 ಕೋಟಿ ರೂ.ಗೆ ಏರಿದೆ. 2014 ಮತ್ತು 2024 ರ ನಡುವೆ, 117 ಸಮುದಾಯಗಳನ್ನು ಸೇರಿಸಲಾಗಿದೆ.

ಮೊದಲನೇ ಪುಟದಿಂದ...
ರಾಹುಲ್ ಗಾಂಧಿ

ಹೊಸ ಬಂಗಲೆಯ ಇತಿಹಾಸವೇನು?: ಈ ಬಂಗಲೆಯನ್ನು ಈ ಹಿಂದೆ ಕೇಂದ್ರ ಸಾಮಾಜಿಕ ನ್ಯಾಯ ರಾಜ್ಯ ಸಚಿವ ಮತ್ತು ಕರ್ನಾಟಕದ ಬಿಜೆಪಿ ನಾಯಕ ಎ. ನಾರಾಯಣಸ್ವಾಮಿ ಅವರಿಗೆ ನೀಡಲಾಗಿತ್ತು, ಅವರು 2021 ರಿಂದ 2024 ರವರೆಗೆ ಮೋದಿ ಸರ್ಕಾರದಲ್ಲಿ ಸಚಿವರಾಗಿದ್ದರು. ಎ. ನಾರಾಯಣಸ್ವಾಮಿ 2024 ರ ಲೋಕಸಭಾ ಚುನಾವಣೆಯಲ್ಲಿ ಸೋತರು. ಈಗ ಈ ಬಂಗಲೆ ರಾಹುಲ್ ಗಾಂಧಿಗೆ ಹಂಚಿಕೆಯಾಗಿದೆ. ರಾಹುಲ್ ಗಾಂಧಿ 2019 ರಲ್ಲಿ ಸಂಸತ್ ಸದಸ್ಯತ್ವ ಕಳೆದುಕೊಂಡ ನಂತರ 12 ತುಘಲಕ್ ಲೇನ್ ಬಂಗಲೆ ಖಾಲಿ ಮಾಡಬೇಕಾಯಿತು.

ಈ ಬಂಗಲೆಯನ್ನು ಈ ಹಿಂದೆ ಕೇಂದ್ರ ಸಾಮಾಜಿಕ ನ್ಯಾಯ ರಾಜ್ಯ ಸಚಿವ ಮತ್ತು ಕರ್ನಾಟಕದ ಬಿಜೆಪಿ ನಾಯಕ ಎ. ನಾರಾಯಣಸ್ವಾಮಿ ಅವರಿಗೆ ನೀಡಲಾಗಿತ್ತು, ಅವರು 2021 ರಿಂದ 2024 ರವರೆಗೆ ಮೋದಿ ಸರ್ಕಾರದಲ್ಲಿ ಸಚಿವರಾಗಿದ್ದರು. ಎ. ನಾರಾಯಣಸ್ವಾಮಿ 2024 ರ ಲೋಕಸಭಾ ಚುನಾವಣೆಯಲ್ಲಿ ಸೋತರು. ಈಗ ಈ ಬಂಗಲೆ ರಾಹುಲ್ ಗಾಂಧಿಗೆ ಹಂಚಿಕೆಯಾಗಿದೆ. ರಾಹುಲ್ ಗಾಂಧಿ 2019 ರಲ್ಲಿ ಸಂಸತ್ ಸದಸ್ಯತ್ವ ಕಳೆದುಕೊಂಡ ನಂತರ 12 ತುಘಲಕ್ ಲೇನ್ ಬಂಗಲೆ ಖಾಲಿ ಮಾಡಬೇಕಾಯಿತು.

ಈ ಬಂಗಲೆಯನ್ನು ಈ ಹಿಂದೆ ಕೇಂದ್ರ ಸಾಮಾಜಿಕ ನ್ಯಾಯ ರಾಜ್ಯ ಸಚಿವ ಮತ್ತು ಕರ್ನಾಟಕದ ಬಿಜೆಪಿ ನಾಯಕ ಎ. ನಾರಾಯಣಸ್ವಾಮಿ ಅವರಿಗೆ ನೀಡಲಾಗಿತ್ತು, ಅವರು 2021 ರಿಂದ 2024 ರವರೆಗೆ ಮೋದಿ ಸರ್ಕಾರದಲ್ಲಿ ಸಚಿವರಾಗಿದ್ದರು. ಎ. ನಾರಾಯಣಸ್ವಾಮಿ 2024 ರ ಲೋಕಸಭಾ ಚುನಾವಣೆಯಲ್ಲಿ ಸೋತರು. ಈಗ ಈ ಬಂಗಲೆ ರಾಹುಲ್ ಗಾಂಧಿಗೆ ಹಂಚಿಕೆಯಾಗಿದೆ. ರಾಹುಲ್ ಗಾಂಧಿ 2019 ರಲ್ಲಿ ಸಂಸತ್ ಸದಸ್ಯತ್ವ ಕಳೆದುಕೊಂಡ ನಂತರ 12 ತುಘಲಕ್ ಲೇನ್ ಬಂಗಲೆ ಖಾಲಿ ಮಾಡಬೇಕಾಯಿತು.

ಬೆಳಗ್ಗೆ ಮದುವೆ ಕ್ಯಾನ್ಸಲ್!

ರಕ್ಷಣಾ ಇಲಾಖೆ ಅಧಿಕಾರಿಗಳು ಬಂದು ಕುಟುಂಬಸ್ಥರಿಗೆ ಬಿಗ್ ಶಾಕ್ ಕೊಟ್ಟಿದ್ದಾರೆ. ಬಾಲ್ಯ ವಿವಾಹ ನಿಷೇದದ ನಡುವೆಯೂ ಬಾಲ್ಯ ವಿವಾಹಕ್ಕೆ ಯತ್ನಿಸಿದ್ದವರನ್ನು ಅಧಿಕಾರಿಗಳು ತರಾಟೆಗೆ ತೆಗೆದುಕೊಂಡಿದ್ದು ಎನ್ನಲಾಗಿದೆ.

ಬಾಲ್ಯ ವಿವಾಹ ತಡೆದ ಅಧಿಕಾರಿಗಳು: ಆದರಕ್ಷತೆ ವೇಳೆ ಕಲ್ಯಾಣ ಮಂಟಪದ ಮೇಲೆ ದಾಳಿ ಮಾಡಿದ ರಕ್ಷಣಾ ಇಲಾಖೆ ಅಧಿಕಾರಿಗಳು ಮದುವೆ ನಿಲ್ಲಿಸಿದ್ದಾರೆ. 17 ವರ್ಷದ ಹುಡುಗಿಗೆ ಮದುವೆ ಮಾಡುವ ವೇಳೆ ದಾಳಿ ನಡೆಸಿದ್ದಾರೆ.

ರಕ್ಷಣಾ ಇಲಾಖೆ ಅಧಿಕಾರಿಗಳು ಬಂದು ಕುಟುಂಬಸ್ಥರಿಗೆ ಬಿಗ್ ಶಾಕ್ ಕೊಟ್ಟಿದ್ದಾರೆ. ಬಾಲ್ಯ ವಿವಾಹ ನಿಷೇದದ ನಡುವೆಯೂ ಬಾಲ್ಯ ವಿವಾಹಕ್ಕೆ ಯತ್ನಿಸಿದ್ದವರನ್ನು ಅಧಿಕಾರಿಗಳು ತರಾಟೆಗೆ ತೆಗೆದುಕೊಂಡಿದ್ದು ಎನ್ನಲಾಗಿದೆ.

ಆದರಕ್ಷತೆ ವೇಳೆ ಕಲ್ಯಾಣ ಮಂಟಪದ ಮೇಲೆ ದಾಳಿ ಮಾಡಿದ ರಕ್ಷಣಾ ಇಲಾಖೆ ಅಧಿಕಾರಿಗಳು ಮದುವೆ ನಿಲ್ಲಿಸಿದ್ದಾರೆ. 17 ವರ್ಷದ ಹುಡುಗಿಗೆ ಮದುವೆ ಮಾಡುವ ವೇಳೆ ದಾಳಿ ನಡೆಸಿದ್ದಾರೆ.

ಈ ಬಂಗಲೆಯನ್ನು ಈ ಹಿಂದೆ ಕೇಂದ್ರ ಸಾಮಾಜಿಕ ನ್ಯಾಯ ರಾಜ್ಯ ಸಚಿವ ಮತ್ತು ಕರ್ನಾಟಕದ ಬಿಜೆಪಿ ನಾಯಕ ಎ. ನಾರಾಯಣಸ್ವಾಮಿ ಅವರಿಗೆ ನೀಡಲಾಗಿತ್ತು, ಅವರು 2021 ರಿಂದ 2024 ರವರೆಗೆ ಮೋದಿ ಸರ್ಕಾರದಲ್ಲಿ ಸಚಿವರಾಗಿದ್ದರು. ಎ. ನಾರಾಯಣಸ್ವಾಮಿ 2024 ರ ಲೋಕಸಭಾ ಚುನಾವಣೆಯಲ್ಲಿ ಸೋತರು. ಈಗ ಈ ಬಂಗಲೆ ರಾಹುಲ್ ಗಾಂಧಿಗೆ ಹಂಚಿಕೆಯಾಗಿದೆ. ರಾಹುಲ್ ಗಾಂಧಿ 2019 ರಲ್ಲಿ ಸಂಸತ್ ಸದಸ್ಯತ್ವ ಕಳೆದುಕೊಂಡ ನಂತರ 12 ತುಘಲಕ್ ಲೇನ್ ಬಂಗಲೆ ಖಾಲಿ ಮಾಡಬೇಕಾಯಿತು.

ಸೀರೆ ಉಟ್ಟ ಗಂಡು!

ಹುನಗುಂದ ತಾಲ್ಲೂಕಿನಲ್ಲಿ ಒಟ್ಟು 23 ಅಂಗನವಾಡಿಗಳ ಕಟ್ಟಡ ಕಾಮಗಾರಿ ನಡೆಯುತ್ತಿದೆ. ಹುನಗುಂದ ಪಂಚಾಯತ್ ರಾಜ್ ಇಲಾಖೆ ನೇತೃತ್ವದಲ್ಲಿ ಕಾಮಗಾರಿ ನಡೆಯುತ್ತಿದೆ. ಒಂದೇ ಫೋಟೋ ಬೇರೆ ಕಡೆ ಬಳಕೆ ಮಾಡಲಾಗಿದೆ. ಹುನಗುಂದ ಪಂಚಾಯತ್ ರಾಜ್ ಇಲಾಖೆ ಎಇಇ ಕೃಷ್ಣರಾವ್ ನಾಯಕ್ ಅವರನ್ನು ಕೇಳಿದರೆ, ಅಂಗನವಾಡಿ ಕಟ್ಟಡಕ್ಕೆ ನರೇಗಾದಿಂದ 8 ಲಕ್ಷ ರೂ., ಮಹಿಳಾ ಮತ್ತು ಮಕ್ಕಳ ಕಲ್ಯಾಣ ಇಲಾಖೆಯಿಂದ 15 ಲಕ್ಷ ರೂ, ಒಟ್ಟು 32 ಲಕ್ಷ ರೂ. ಹಣ ನೀಡಲಾಗುತ್ತದೆ.

ಹುನಗುಂದ ತಾಲ್ಲೂಕಿನಲ್ಲಿ ಒಟ್ಟು 23 ಅಂಗನವಾಡಿಗಳ ಕಟ್ಟಡ ಕಾಮಗಾರಿ ನಡೆಯುತ್ತಿದೆ. ಹುನಗುಂದ ಪಂಚಾಯತ್ ರಾಜ್ ಇಲಾಖೆ ನೇತೃತ್ವದಲ್ಲಿ ಕಾಮಗಾರಿ ನಡೆಯುತ್ತಿದೆ. ಒಂದೇ ಫೋಟೋ ಬೇರೆ ಕಡೆ ಬಳಕೆ ಮಾಡಲಾಗಿದೆ. ಹುನಗುಂದ ಪಂಚಾಯತ್ ರಾಜ್ ಇಲಾಖೆ ಎಇಇ ಕೃಷ್ಣರಾವ್ ನಾಯಕ್ ಅವರನ್ನು ಕೇಳಿದರೆ, ಅಂಗನವಾಡಿ ಕಟ್ಟಡಕ್ಕೆ ನರೇಗಾದಿಂದ 8 ಲಕ್ಷ ರೂ., ಮಹಿಳಾ ಮತ್ತು ಮಕ್ಕಳ ಕಲ್ಯಾಣ ಇಲಾಖೆಯಿಂದ 15 ಲಕ್ಷ ರೂ, ಒಟ್ಟು 32 ಲಕ್ಷ ರೂ. ಹಣ ನೀಡಲಾಗುತ್ತದೆ.

ಹುನಗುಂದ ತಾಲ್ಲೂಕಿನಲ್ಲಿ ಒಟ್ಟು 23 ಅಂಗನವಾಡಿಗಳ ಕಟ್ಟಡ ಕಾಮಗಾರಿ ನಡೆಯುತ್ತಿದೆ. ಹುನಗುಂದ ಪಂಚಾಯತ್ ರಾಜ್ ಇಲಾಖೆ ನೇತೃತ್ವದಲ್ಲಿ ಕಾಮಗಾರಿ ನಡೆಯುತ್ತಿದೆ. ಒಂದೇ ಫೋಟೋ ಬೇರೆ ಕಡೆ ಬಳಕೆ ಮಾಡಲಾಗಿದೆ. ಹುನಗುಂದ ಪಂಚಾಯತ್ ರಾಜ್ ಇಲಾಖೆ ಎಇಇ ಕೃಷ್ಣರಾವ್ ನಾಯಕ್ ಅವರನ್ನು ಕೇಳಿದರೆ, ಅಂಗನವಾಡಿ ಕಟ್ಟಡಕ್ಕೆ ನರೇಗಾದಿಂದ 8 ಲಕ್ಷ ರೂ., ಮಹಿಳಾ ಮತ್ತು ಮಕ್ಕಳ ಕಲ್ಯಾಣ ಇಲಾಖೆಯಿಂದ 15 ಲಕ್ಷ ರೂ, ಒಟ್ಟು 32 ಲಕ್ಷ ರೂ. ಹಣ ನೀಡಲಾಗುತ್ತದೆ.

ಹುನಗುಂದ ತಾಲ್ಲೂಕಿನಲ್ಲಿ ಒಟ್ಟು 23 ಅಂಗನವಾಡಿಗಳ ಕಟ್ಟಡ ಕಾಮಗಾರಿ ನಡೆಯುತ್ತಿದೆ. ಹುನಗುಂದ ಪಂಚಾಯತ್ ರಾಜ್ ಇಲಾಖೆ ನೇತೃತ್ವದಲ್ಲಿ ಕಾಮಗಾರಿ ನಡೆಯುತ್ತಿದೆ. ಒಂದೇ ಫೋಟೋ ಬೇರೆ ಕಡೆ ಬಳಕೆ ಮಾಡಲಾಗಿದೆ. ಹುನಗುಂದ ಪಂಚಾಯತ್ ರಾಜ್ ಇಲಾಖೆ ಎಇಇ ಕೃಷ್ಣರಾವ್ ನಾಯಕ್ ಅವರನ್ನು ಕೇಳಿದರೆ, ಅಂಗನವಾಡಿ ಕಟ್ಟಡಕ್ಕೆ ನರೇಗಾದಿಂದ 8 ಲಕ್ಷ ರೂ., ಮಹಿಳಾ ಮತ್ತು ಮಕ್ಕಳ ಕಲ್ಯಾಣ ಇಲಾಖೆಯಿಂದ 15 ಲಕ್ಷ ರೂ, ಒಟ್ಟು 32 ಲಕ್ಷ ರೂ. ಹಣ ನೀಡಲಾಗುತ್ತದೆ.

ಹುನಗುಂದ ತಾಲ್ಲೂಕಿನಲ್ಲಿ ಒಟ್ಟು 23 ಅಂಗನವಾಡಿಗಳ ಕಟ್ಟಡ ಕಾಮಗಾರಿ ನಡೆಯುತ್ತಿದೆ. ಹುನಗುಂದ ಪಂಚಾಯತ್ ರಾಜ್ ಇಲಾಖೆ ನೇತೃತ್ವದಲ್ಲಿ ಕಾಮಗಾರಿ ನಡೆಯುತ್ತಿದೆ. ಒಂದೇ ಫೋಟೋ ಬೇರೆ ಕಡೆ ಬಳಕೆ ಮಾಡಲಾಗಿದೆ. ಹುನಗುಂದ ಪಂಚಾಯತ್ ರಾಜ್ ಇಲಾಖೆ ಎಇಇ ಕೃಷ್ಣರಾವ್ ನಾಯಕ್ ಅವರನ್ನು ಕೇಳಿದರೆ, ಅಂಗನವಾಡಿ ಕಟ್ಟಡಕ್ಕೆ ನರೇಗಾದಿಂದ 8 ಲಕ್ಷ ರೂ., ಮಹಿಳಾ ಮತ್ತು ಮಕ್ಕಳ ಕಲ್ಯಾಣ ಇಲಾಖೆಯಿಂದ 15 ಲಕ್ಷ ರೂ, ಒಟ್ಟು 32 ಲಕ್ಷ ರೂ. ಹಣ ನೀಡಲಾಗುತ್ತದೆ.

ನೇಮಿಸಿದ ಇರಾನ್

ಹೈಪರ್‌ಸಾನಿಕ್ ಕ್ಷಿಪಣಿಗಳು ಶಬ್ದಕ್ಕಿಂತ ಐದು ಪಟ್ಟು ವೇಗದಲ್ಲಿ ಚಲಿಸುವ ಸಾಮರ್ಥ್ಯವನ್ನು ಹೊಂದಿದ್ದು, ಅದರ ಜಾಡನ್ನು ಪತ್ತೆಹಚ್ಚಿ ತಡೆಯುವುದು ಕಷ್ಟಕರವಾಗಿದೆ. ಇದರ ಜೊತೆಗೆ ಇರಾನ್ ಡ್ರೋನ್‌ಗಳ ಹಿಂಡನ್ನೇ ರವಾನಿಸಿದೆ.

ಹೈಪರ್‌ಸಾನಿಕ್ ಕ್ಷಿಪಣಿಗಳು ಶಬ್ದಕ್ಕಿಂತ ಐದು ಪಟ್ಟು ವೇಗದಲ್ಲಿ ಚಲಿಸುವ ಸಾಮರ್ಥ್ಯವನ್ನು ಹೊಂದಿದ್ದು, ಅದರ ಜಾಡನ್ನು ಪತ್ತೆಹಚ್ಚಿ ತಡೆಯುವುದು ಕಷ್ಟಕರವಾಗಿದೆ. ಇದರ ಜೊತೆಗೆ ಇರಾನ್ ಡ್ರೋನ್‌ಗಳ ಹಿಂಡನ್ನೇ ರವಾನಿಸಿದೆ.

ಹೈಪರ್‌ಸಾನಿಕ್ ಕ್ಷಿಪಣಿಗಳು ಶಬ್ದಕ್ಕಿಂತ ಐದು ಪಟ್ಟು ವೇಗದಲ್ಲಿ ಚಲಿಸುವ ಸಾಮರ್ಥ್ಯವನ್ನು ಹೊಂದಿದ್ದು, ಅದರ ಜಾಡನ್ನು ಪತ್ತೆಹಚ್ಚಿ ತಡೆಯುವುದು ಕಷ್ಟಕರವಾಗಿದೆ. ಇದರ ಜೊತೆಗೆ ಇರಾನ್ ಡ್ರೋನ್‌ಗಳ ಹಿಂಡನ್ನೇ ರವಾನಿಸಿದೆ.

ಬೆಂಬಲಕ್ಕೆ ನಿಂತ ರಷ್ಯಾ

ಇರಾನ್ ಇಸ್ರೇಲ್ ಮೇಲೆ ಬಹುದೊಡ್ಡ ದಾಳಿ ನಡೆಸಿದರೆ ಅಮೆರಿಕ ದಾಳಿಗೆ ಇಳಿಯುವ ಸಾಧ್ಯತೆ ಹೆಚ್ಚಿದೆ ಎಂದು ಹೇಳಲಾಗುತ್ತಿದೆ. ರಷ್ಯಾ ಮತ್ತು ಚೀನಾ ಇರಾನ್‌ಗೆ ಬೆಂಬಲ ಘೋಷಿಸಿವೆ.

ಇರಾನ್ ಇಸ್ರೇಲ್ ಮೇಲೆ ಬಹುದೊಡ್ಡ ದಾಳಿ ನಡೆಸಿದರೆ ಅಮೆರಿಕ ದಾಳಿಗೆ ಇಳಿಯುವ ಸಾಧ್ಯತೆ ಹೆಚ್ಚಿದೆ ಎಂದು ಹೇಳಲಾಗುತ್ತಿದೆ. ರಷ್ಯಾ ಮತ್ತು ಚೀನಾ ಇರಾನ್‌ಗೆ ಬೆಂಬಲ ಘೋಷಿಸಿವೆ.

ಇರಾನ್ ಇಸ್ರೇಲ್ ಮೇಲೆ ಬಹುದೊಡ್ಡ ದಾಳಿ ನಡೆಸಿದರೆ ಅಮೆರಿಕ ದಾಳಿಗೆ ಇಳಿಯುವ ಸಾಧ್ಯತೆ ಹೆಚ್ಚಿದೆ ಎಂದು ಹೇಳಲಾಗುತ್ತಿದೆ. ರಷ್ಯಾ ಮತ್ತು ಚೀನಾ ಇರಾನ್‌ಗೆ ಬೆಂಬಲ ಘೋಷಿಸಿವೆ.

198 ಮೃತದೇಹ ಹಸ್ತಾಂತರ

ಸುದ್ದಿಗಾರರೊಂದಿಗೆ ಮಾತನಾಡಿದ ಜೋಶಿ, ಒಟ್ಟು 215 ಡಿಎನ್‌ಎ ವರದಿಗಳು ಮ್ಯಾಚ್ ಆಗಿವೆ. ಈ ಪೈಕಿ 198 ಮೃತದೇಹಗಳನ್ನು ಹಸ್ತಾಂತರಿಸಲಾಗಿದೆ. ಈ ಪೈಕಿ 149 ಭಾರತೀಯರು, 7 ಪೋರ್ಚುಗೀಸ್, 32 ಬ್ರಿಟಿಷ್ ಮತ್ತು 1 ಕೆನಡಿಯನ್ ಪ್ರಜೆಗಳು ಇದ್ದಾರೆ.

ಸುದ್ದಿಗಾರರೊಂದಿಗೆ ಮಾತನಾಡಿದ ಜೋಶಿ, ಒಟ್ಟು 215 ಡಿಎನ್‌ಎ ವರದಿಗಳು ಮ್ಯಾಚ್ ಆಗಿವೆ. ಈ ಪೈಕಿ 198 ಮೃತದೇಹಗಳನ್ನು ಹಸ್ತಾಂತರಿಸಲಾಗಿದೆ. ಈ ಪೈಕಿ 149 ಭಾರತೀಯರು, 7 ಪೋರ್ಚುಗೀಸ್, 32 ಬ್ರಿಟಿಷ್ ಮತ್ತು 1 ಕೆನಡಿಯನ್ ಪ್ರಜೆಗಳು ಇದ್ದಾರೆ.

ಸುದ್ದಿಗಾರರೊಂದಿಗೆ ಮಾತನಾಡಿದ ಜೋಶಿ, ಒಟ್ಟು 215 ಡಿಎನ್‌ಎ ವರದಿಗಳು ಮ್ಯಾಚ್ ಆಗಿವೆ. ಈ ಪೈಕಿ 198 ಮೃತದೇಹಗಳನ್ನು ಹಸ್ತಾಂತರಿಸಲಾಗಿದೆ. ಈ ಪೈಕಿ 149 ಭಾರತೀಯರು, 7 ಪೋರ್ಚುಗೀಸ್, 32 ಬ್ರಿಟಿಷ್ ಮತ್ತು 1 ಕೆನಡಿಯನ್ ಪ್ರಜೆಗಳು ಇದ್ದಾರೆ.

ಬಾಕಿ

124.80 ಅಡಿಗಳ ಗರಿಷ್ಠ ಮಟ್ಟ ಹೊಂದಿರುವ ಕೆಆರ್‌ಎಸ್ ಡ್ಯಾಂನಲ್ಲಿ 117.80 ಅಡಿ ನೀರಿದ್ದು, ಸಂಪೂರ್ಣ ಭರ್ತಿಗೆ 7 ಅಡಿಗಳಷ್ಟೇ ಬಾಕಿಯಿದೆ. ಹಳೆ ಮೈಸೂರು ಭಾಗದ ಜೀವನಾಡಿ ಕೆಆರ್‌ಎಸ್ ಡ್ಯಾಂ ಭರ್ತಿಯಾಗುತ್ತಿರುವುದು ರೈತರಲ್ಲಿ ಸಂತಸ ಮೂಡಿಸಿದೆ.

ಹಾರಂಗಿ ಜಲಾಶಯ 2849.77 ಅಡಿ ಭರ್ತಿ: 2,859 ಅಡಿ ಗರಿಷ್ಠ ಸಂಗ್ರಹ ಸಾಮರ್ಥ್ಯ ಹೊಂದಿರುವ ಹಾರಂಗಿ ಜಲಾಶಯದಲ್ಲಿ 2849.77 ಅಡಿ ನೀರಿದೆ. ಜಲಾಶಯಕ್ಕೆ ಸದ್ಯ 3,070 ಕ್ಯೂಸೆಕ್ ನೀರಿನ ಒಳಹರಿವಿದ್ದು, 3,070 ಕ್ಯೂಸೆಕ್ ಹೊರಹರಿವಿದೆ.

ಹೇಮಾವತಿಗೆ 13,273 ಕ್ಯೂಸೆಕ್ ಒಳಹರಿವು: ಇನ್ನು 37.103 ಟಿಎಂಸಿ ಸಂಗ್ರಹ ಸಾಮರ್ಥ್ಯ ಹೊಂದಿರುವ ಹೇಮಾವತಿ ಜಲಾಶಯದಲ್ಲಿ 29.350 ಟಿಎಂಸಿ ನೀರಿದೆ. 2,922 ಅಡಿ ಗರಿಷ್ಠ ಮಟ್ಟದ ಸಂಗ್ರಹ ಸಾಮರ್ಥ್ಯ ಹೊಂದಿರುವ ಜಲಾಶಯದಲ್ಲಿ ಇಂದು 2,913.40 ಅಡಿ ನೀರಿದೆ. ಇಂದು 13,273 ಕ್ಯೂಸೆಕ್ ಒಳಹರಿವಿದ್ದು, 4,750 ಕ್ಯೂಸೆಕ್ ಹೊರಹರಿವಿದೆ.

ಮಳೆ

ಗೇರುಸೊಪ್ಪ, ಮಂಕಿ, ಯಲ್ಲಾಪುರ, ಆಗುಂಬೆ, ಕೊಟ್ಟಿಗೆಹಾರ, ಕಮ್ಮರಡಿ, ಭಾಗಮಂಡಲ, ಹುಂಚದಕಟ್ಟೆ, ಶಿರಾಲಿ, ಕದ್ರಾ, ಸುಳ್ಯ, ಕುಮಟಾ, ಧರ್ಮಸ್ಥಳ, ಬನವಾಸಿ, ಜೋಯ್ಡಾ, ಬೆಳ್ತಂಗಡಿ, ಹೊನ್ನಾವರ, ಶೃಂಗೇರಿ, ಖಾನಾಪುರ್, ಗುತ್ತಲ್, ಅನವಟ್ಟಿ, ಕಳಸ, ಸಿದ್ದಾಪುರ, ಹೊಸಕೋಟೆ, ಅಂಕೋಲಾ, ಪುತ್ತೂರ್, ಮೂಡಬಿದಿರೆ, ಬಂಟವಾಳ, ಸಿದ್ದಾಪುರ, ಮಾಣಿ, ಕಾರವಾರ, ಮುಂಡಗೋಡಿನಲ್ಲಿ ಸಾಧಾರಣ ಮಳೆಯಾಗಲಿದ್ದು ಉಳಿದೆಡೆ ಒಣಹವೆ ಮುಂದುವರಿಯಲಿದೆ.
